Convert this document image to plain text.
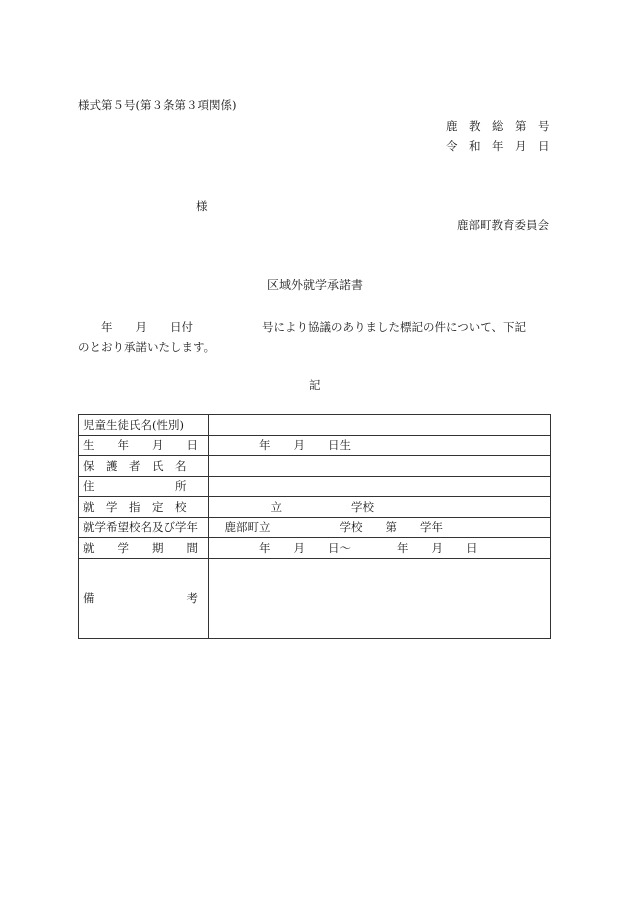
様式第５号(第３条第３項関係)
鹿　教　総　第　号
令　和　年　月　日
様
鹿部町教育委員会
区域外就学承諾書
　　年　　月　　日付　　　　　　号により協議のありました標記の件について、下記
のとおり承諾いたします。
記
児童生徒氏名(性別)	
生　　年　　月　　日	　　　　年　　月　　日生
保　護　者　氏　名	
住　　　　　　　所	
就　学　指　定　校	　　　　　立　　　　　　学校
就学希望校名及び学年	　鹿部町立　　　　　　学校　　第　　学年
就　　学　　期　　間	　　　　年　　月　　日〜　　　　年　　月　　日
備　　　　　　　　考	
